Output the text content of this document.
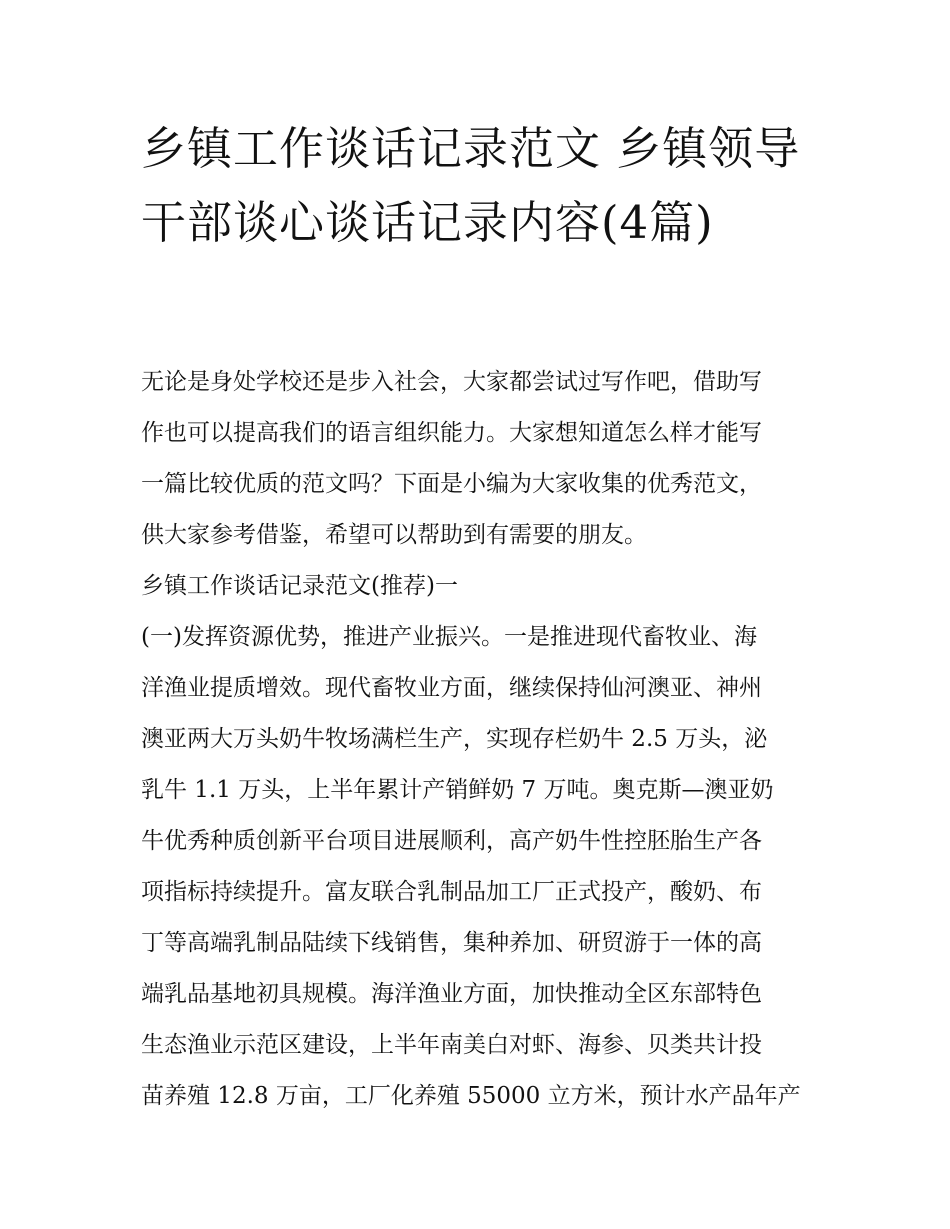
乡镇工作谈话记录范文 乡镇领导干部谈心谈话记录内容(4篇)

无论是身处学校还是步入社会，大家都尝试过写作吧，借助写
作也可以提高我们的语言组织能力。大家想知道怎么样才能写
一篇比较优质的范文吗？下面是小编为大家收集的优秀范文，
供大家参考借鉴，希望可以帮助到有需要的朋友。

乡镇工作谈话记录范文(推荐)一

(一)发挥资源优势，推进产业振兴。一是推进现代畜牧业、海
洋渔业提质增效。现代畜牧业方面，继续保持仙河澳亚、神州
澳亚两大万头奶牛牧场满栏生产，实现存栏奶牛 2.5 万头，泌
乳牛 1.1 万头，上半年累计产销鲜奶 7 万吨。奥克斯—澳亚奶
牛优秀种质创新平台项目进展顺利，高产奶牛性控胚胎生产各
项指标持续提升。富友联合乳制品加工厂正式投产，酸奶、布
丁等高端乳制品陆续下线销售，集种养加、研贸游于一体的高
端乳品基地初具规模。海洋渔业方面，加快推动全区东部特色
生态渔业示范区建设，上半年南美白对虾、海参、贝类共计投
苗养殖 12.8 万亩，工厂化养殖 55000 立方米，预计水产品年产
